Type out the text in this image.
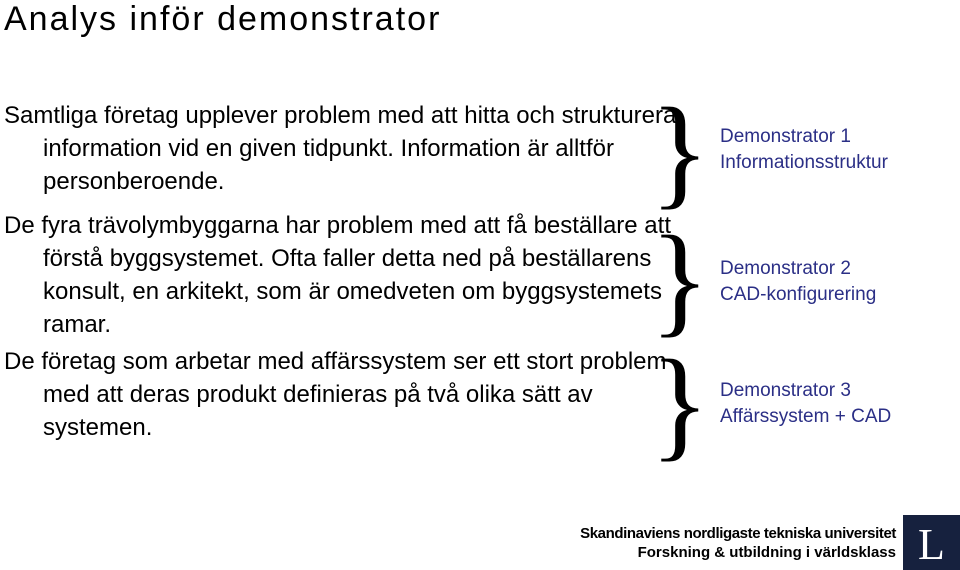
Analys inför demonstrator
Samtliga företag upplever problem med att hitta och strukturera information vid en given tidpunkt. Information är alltför personberoende.
De fyra trävolymbyggarna har problem med att få beställare att förstå byggsystemet. Ofta faller detta ned på beställarens konsult, en arkitekt, som är omedveten om byggsystemets ramar.
De företag som arbetar med affärssystem ser ett stort problem med att deras produkt definieras på två olika sätt av systemen.
}
}
}
Demonstrator 1
Informationsstruktur
Demonstrator 2
CAD-konfigurering
Demonstrator 3
Affärssystem + CAD
Skandinaviens nordligaste tekniska universitet
Forskning & utbildning i världsklass L
